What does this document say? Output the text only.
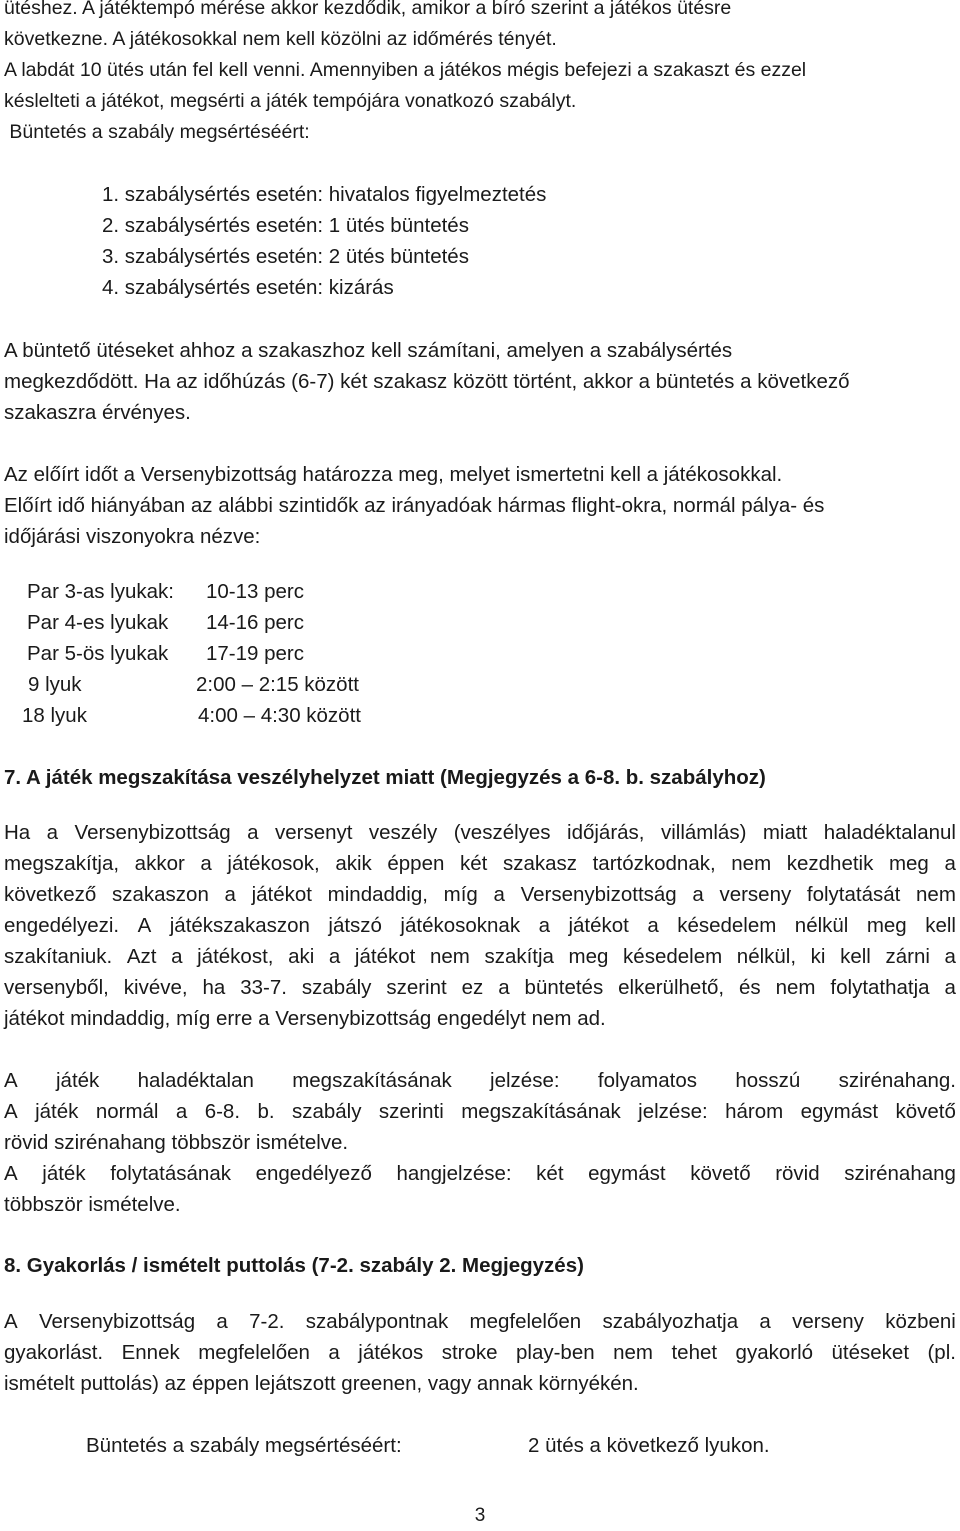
ütéshez. A játéktempó mérése akkor kezdődik, amikor a bíró szerint a játékos ütésre
következne. A játékosokkal nem kell közölni az időmérés tényét.
A labdát 10 ütés után fel kell venni. Amennyiben a játékos mégis befejezi a szakaszt és ezzel
késlelteti a játékot, megsérti a játék tempójára vonatkozó szabályt.
Büntetés a szabály megsértéséért:
1. szabálysértés esetén: hivatalos figyelmeztetés
2. szabálysértés esetén: 1 ütés büntetés
3. szabálysértés esetén: 2 ütés büntetés
4. szabálysértés esetén: kizárás
A büntető ütéseket ahhoz a szakaszhoz kell számítani, amelyen a szabálysértés
megkezdődött. Ha az időhúzás (6-7) két szakasz között történt, akkor a büntetés a következő
szakaszra érvényes.
Az előírt időt a Versenybizottság határozza meg, melyet ismertetni kell a játékosokkal.
Előírt idő hiányában az alábbi szintidők az irányadóak hármas flight-okra, normál pálya- és
időjárási viszonyokra nézve:
Par 3-as lyukak: 10-13 perc
Par 4-es lyukak 14-16 perc
Par 5-ös lyukak 17-19 perc
9 lyuk	2:00 – 2:15 között
18 lyuk	4:00 – 4:30 között
7. A játék megszakítása veszélyhelyzet miatt (Megjegyzés a 6-8. b. szabályhoz)
Ha a Versenybizottság a versenyt veszély (veszélyes időjárás, villámlás) miatt haladéktalanul
megszakítja, akkor a játékosok, akik éppen két szakasz tartózkodnak, nem kezdhetik meg a
következő szakaszon a játékot mindaddig, míg a Versenybizottság a verseny folytatását nem
engedélyezi. A játékszakaszon játszó játékosoknak a játékot a késedelem nélkül meg kell
szakítaniuk. Azt a játékost, aki a játékot nem szakítja meg késedelem nélkül, ki kell zárni a
versenyből, kivéve, ha 33-7. szabály szerint ez a büntetés elkerülhető, és nem folytathatja a
játékot mindaddig, míg erre a Versenybizottság engedélyt nem ad.
A játék haladéktalan megszakításának jelzése: folyamatos hosszú szirénahang.
A játék normál a 6-8. b. szabály szerinti megszakításának jelzése: három egymást követő
rövid szirénahang többször ismételve.
A játék folytatásának engedélyező hangjelzése: két egymást követő rövid szirénahang
többször ismételve.
8. Gyakorlás / ismételt puttolás (7-2. szabály 2. Megjegyzés)
A Versenybizottság a 7-2. szabálypontnak megfelelően szabályozhatja a verseny közbeni
gyakorlást. Ennek megfelelően a játékos stroke play-ben nem tehet gyakorló ütéseket (pl.
ismételt puttolás) az éppen lejátszott greenen, vagy annak környékén.
Büntetés a szabály megsértéséért:	2 ütés a következő lyukon.
3
